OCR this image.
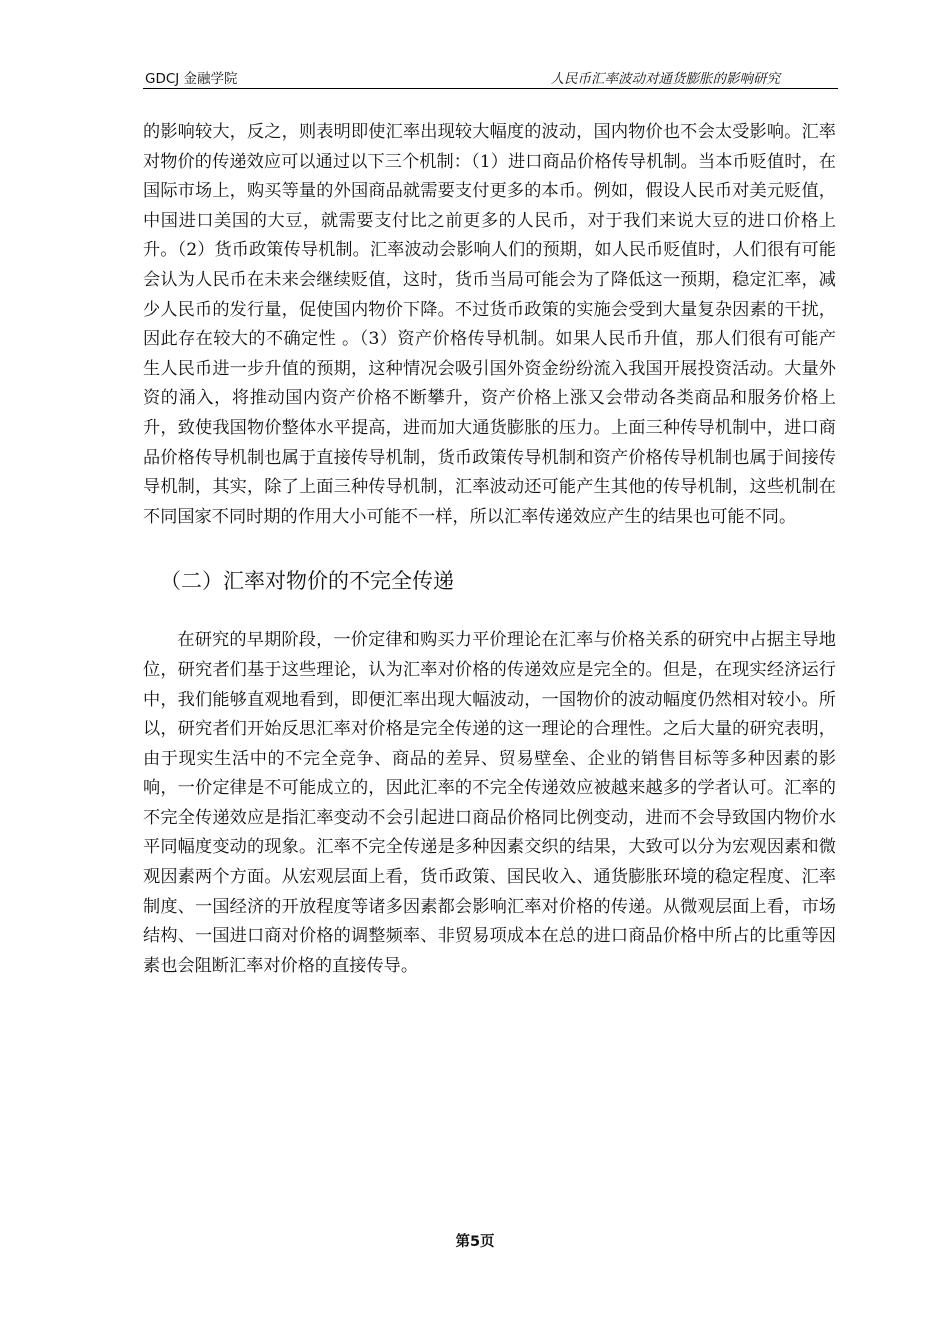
GDCJ 金融学院	人民币汇率波动对通货膨胀的影响研究

的影响较大，反之，则表明即使汇率出现较大幅度的波动，国内物价也不会太受影响。汇率对物价的传递效应可以通过以下三个机制：（1）进口商品价格传导机制。当本币贬值时，在国际市场上，购买等量的外国商品就需要支付更多的本币。例如，假设人民币对美元贬值，中国进口美国的大豆，就需要支付比之前更多的人民币，对于我们来说大豆的进口价格上升。（2）货币政策传导机制。汇率波动会影响人们的预期，如人民币贬值时，人们很有可能会认为人民币在未来会继续贬值，这时，货币当局可能会为了降低这一预期，稳定汇率，减少人民币的发行量，促使国内物价下降。不过货币政策的实施会受到大量复杂因素的干扰，因此存在较大的不确定性 。（3）资产价格传导机制。如果人民币升值，那人们很有可能产生人民币进一步升值的预期，这种情况会吸引国外资金纷纷流入我国开展投资活动。大量外资的涌入，将推动国内资产价格不断攀升，资产价格上涨又会带动各类商品和服务价格上升，致使我国物价整体水平提高，进而加大通货膨胀的压力。上面三种传导机制中，进口商品价格传导机制也属于直接传导机制，货币政策传导机制和资产价格传导机制也属于间接传导机制，其实，除了上面三种传导机制，汇率波动还可能产生其他的传导机制，这些机制在不同国家不同时期的作用大小可能不一样，所以汇率传递效应产生的结果也可能不同。

（二）汇率对物价的不完全传递

在研究的早期阶段，一价定律和购买力平价理论在汇率与价格关系的研究中占据主导地位，研究者们基于这些理论，认为汇率对价格的传递效应是完全的。但是，在现实经济运行中，我们能够直观地看到，即便汇率出现大幅波动，一国物价的波动幅度仍然相对较小。所以，研究者们开始反思汇率对价格是完全传递的这一理论的合理性。之后大量的研究表明，由于现实生活中的不完全竞争、商品的差异、贸易壁垒、企业的销售目标等多种因素的影响，一价定律是不可能成立的，因此汇率的不完全传递效应被越来越多的学者认可。汇率的不完全传递效应是指汇率变动不会引起进口商品价格同比例变动，进而不会导致国内物价水平同幅度变动的现象。汇率不完全传递是多种因素交织的结果，大致可以分为宏观因素和微观因素两个方面。从宏观层面上看，货币政策、国民收入、通货膨胀环境的稳定程度、汇率制度、一国经济的开放程度等诸多因素都会影响汇率对价格的传递。从微观层面上看，市场结构、一国进口商对价格的调整频率、非贸易项成本在总的进口商品价格中所占的比重等因素也会阻断汇率对价格的直接传导。

第5页
